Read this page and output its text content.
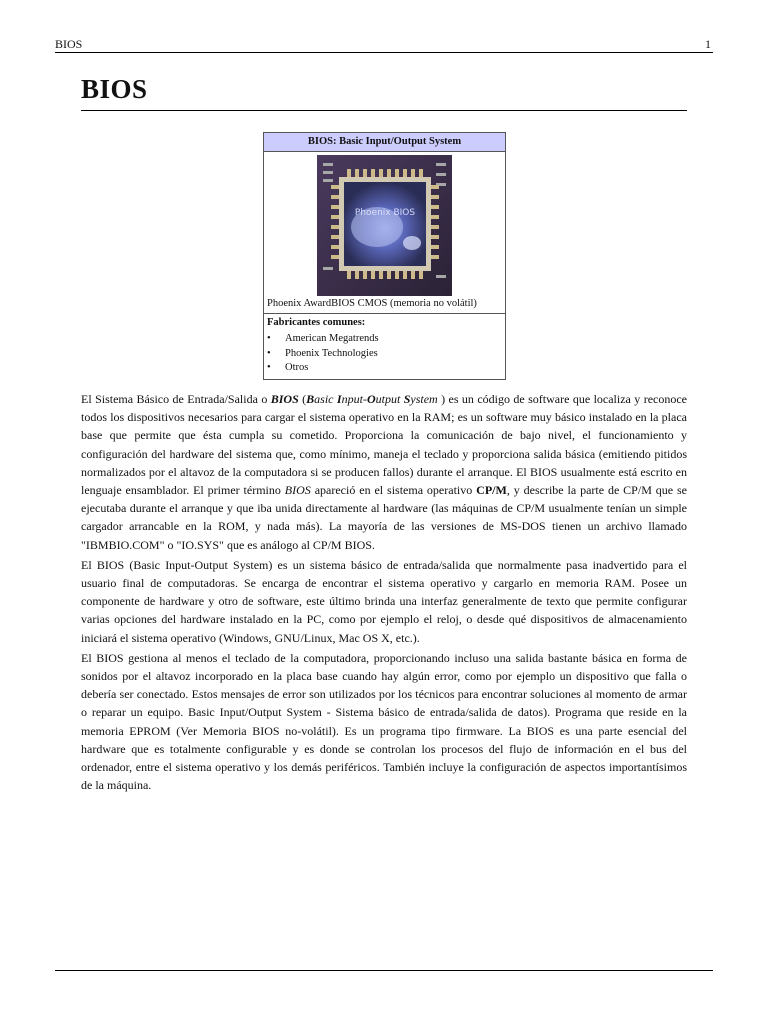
BIOS	1
BIOS
BIOS: Basic Input/Output System
Phoenix BIOS
Phoenix AwardBIOS CMOS (memoria no volátil)
Fabricantes comunes:
• American Megatrends
• Phoenix Technologies
• Otros

El Sistema Básico de Entrada/Salida o BIOS (Basic Input-Output System ) es un código de software que localiza y reconoce todos los dispositivos necesarios para cargar el sistema operativo en la RAM; es un software muy básico instalado en la placa base que permite que ésta cumpla su cometido. Proporciona la comunicación de bajo nivel, el funcionamiento y configuración del hardware del sistema que, como mínimo, maneja el teclado y proporciona salida básica (emitiendo pitidos normalizados por el altavoz de la computadora si se producen fallos) durante el arranque. El BIOS usualmente está escrito en lenguaje ensamblador. El primer término BIOS apareció en el sistema operativo CP/M, y describe la parte de CP/M que se ejecutaba durante el arranque y que iba unida directamente al hardware (las máquinas de CP/M usualmente tenían un simple cargador arrancable en la ROM, y nada más). La mayoría de las versiones de MS-DOS tienen un archivo llamado "IBMBIO.COM" o "IO.SYS" que es análogo al CP/M BIOS.

El BIOS (Basic Input-Output System) es un sistema básico de entrada/salida que normalmente pasa inadvertido para el usuario final de computadoras. Se encarga de encontrar el sistema operativo y cargarlo en memoria RAM. Posee un componente de hardware y otro de software, este último brinda una interfaz generalmente de texto que permite configurar varias opciones del hardware instalado en la PC, como por ejemplo el reloj, o desde qué dispositivos de almacenamiento iniciará el sistema operativo (Windows, GNU/Linux, Mac OS X, etc.).

El BIOS gestiona al menos el teclado de la computadora, proporcionando incluso una salida bastante básica en forma de sonidos por el altavoz incorporado en la placa base cuando hay algún error, como por ejemplo un dispositivo que falla o debería ser conectado. Estos mensajes de error son utilizados por los técnicos para encontrar soluciones al momento de armar o reparar un equipo. Basic Input/Output System - Sistema básico de entrada/salida de datos). Programa que reside en la memoria EPROM (Ver Memoria BIOS no-volátil). Es un programa tipo firmware. La BIOS es una parte esencial del hardware que es totalmente configurable y es donde se controlan los procesos del flujo de información en el bus del ordenador, entre el sistema operativo y los demás periféricos. También incluye la configuración de aspectos importantísimos de la máquina.
